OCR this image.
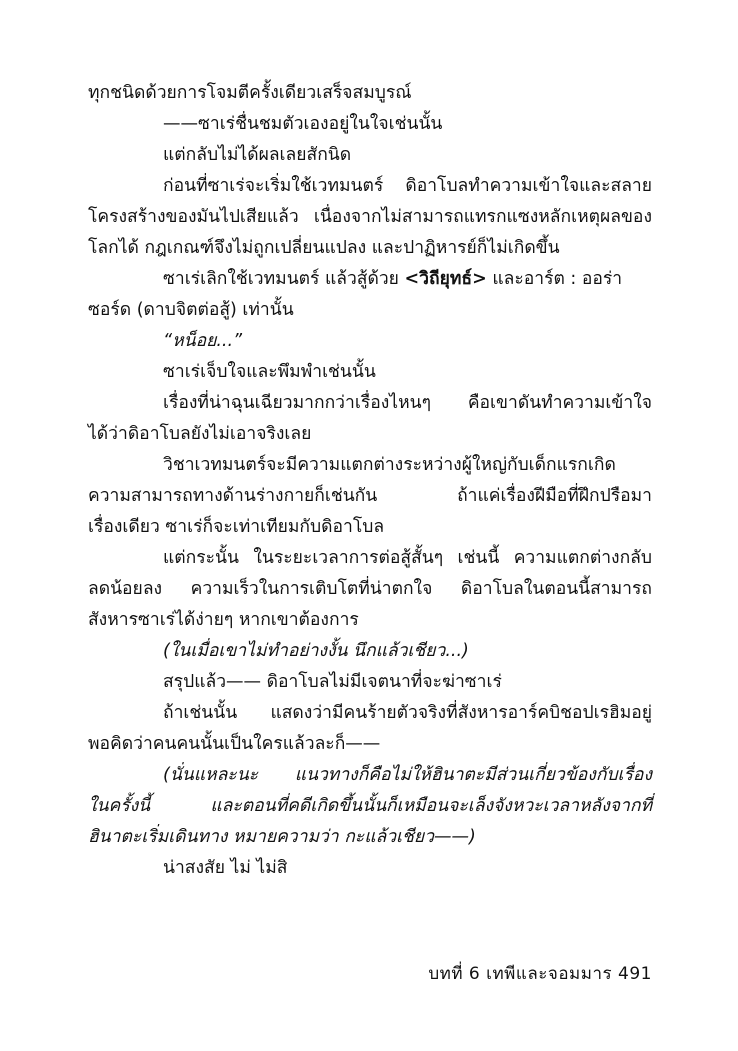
ทุกชนิดด้วยการโจมตีครั้งเดียวเสร็จสมบูรณ์
——ซาเร่ชื่นชมตัวเองอยู่ในใจเช่นนั้น
แต่กลับไม่ได้ผลเลยสักนิด
ก่อนที่ซาเร่จะเริ่มใช้เวทมนตร์ ดิอาโบลทำความเข้าใจและสลาย
โครงสร้างของมันไปเสียแล้ว เนื่องจากไม่สามารถแทรกแซงหลักเหตุผลของ
โลกได้ กฎเกณฑ์จึงไม่ถูกเปลี่ยนแปลง และปาฏิหารย์ก็ไม่เกิดขึ้น
ซาเร่เลิกใช้เวทมนตร์ แล้วสู้ด้วย <วิถียุทธ์> และอาร์ต : ออร่า
ซอร์ด (ดาบจิตต่อสู้) เท่านั้น
“หน็อย...”
ซาเร่เจ็บใจและพึมพำเช่นนั้น
เรื่องที่น่าฉุนเฉียวมากกว่าเรื่องไหนๆ คือเขาดันทำความเข้าใจ
ได้ว่าดิอาโบลยังไม่เอาจริงเลย
วิชาเวทมนตร์จะมีความแตกต่างระหว่างผู้ใหญ่กับเด็กแรกเกิด
ความสามารถทางด้านร่างกายก็เช่นกัน ถ้าแค่เรื่องฝีมือที่ฝึกปรือมา
เรื่องเดียว ซาเร่ก็จะเท่าเทียมกับดิอาโบล
แต่กระนั้น ในระยะเวลาการต่อสู้สั้นๆ เช่นนี้ ความแตกต่างกลับ
ลดน้อยลง ความเร็วในการเติบโตที่น่าตกใจ ดิอาโบลในตอนนี้สามารถ
สังหารซาเร่ได้ง่ายๆ หากเขาต้องการ
(ในเมื่อเขาไม่ทำอย่างงั้น นึกแล้วเชียว...)
สรุปแล้ว—— ดิอาโบลไม่มีเจตนาที่จะฆ่าซาเร่
ถ้าเช่นนั้น แสดงว่ามีคนร้ายตัวจริงที่สังหารอาร์คบิชอปเรฮิมอยู่
พอคิดว่าคนคนนั้นเป็นใครแล้วละก็——
(นั่นแหละนะ แนวทางก็คือไม่ให้ฮินาตะมีส่วนเกี่ยวข้องกับเรื่อง
ในครั้งนี้ และตอนที่คดีเกิดขึ้นนั้นก็เหมือนจะเล็งจังหวะเวลาหลังจากที่
ฮินาตะเริ่มเดินทาง หมายความว่า กะแล้วเชียว——)
น่าสงสัย ไม่ ไม่สิ
บทที่ 6 เทพีและจอมมาร 491
